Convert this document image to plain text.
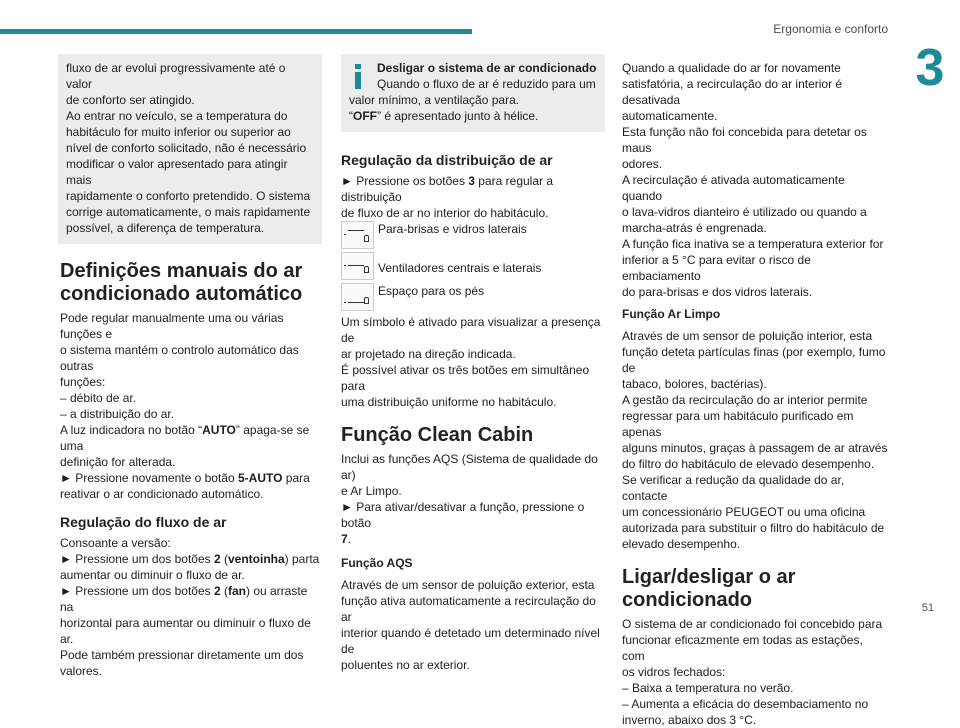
Ergonomia e conforto
3

fluxo de ar evolui progressivamente até o valor

de conforto ser atingido.

Ao entrar no veículo, se a temperatura do

habitáculo for muito inferior ou superior ao

nível de conforto solicitado, não é necessário

modificar o valor apresentado para atingir mais

rapidamente o conforto pretendido. O sistema

corrige automaticamente, o mais rapidamente

possível, a diferença de temperatura.

Definições manuais do ar
condicionado automático

Pode regular manualmente uma ou várias funções e

o sistema mantém o controlo automático das outras

funções:

– débito de ar.

– a distribuição do ar.

A luz indicadora no botão “AUTO” apaga-se se uma

definição for alterada.

► Pressione novamente o botão 5-AUTO para

reativar o ar condicionado automático.

Regulação do fluxo de ar

Consoante a versão:

► Pressione um dos botões 2 (ventoinha) parta

aumentar ou diminuir o fluxo de ar.

► Pressione um dos botões 2 (fan) ou arraste na

horizontal para aumentar ou diminuir o fluxo de ar.

Pode também pressionar diretamente um dos

valores.

Desligar o sistema de ar condicionado

Quando o fluxo de ar é reduzido para um

valor mínimo, a ventilação para.

“OFF” é apresentado junto à hélice.

Regulação da distribuição de ar

► Pressione os botões 3 para regular a distribuição

de fluxo de ar no interior do habitáculo.

Para-brisas e vidros laterais
Ventiladores centrais e laterais
Espaço para os pés

Um símbolo é ativado para visualizar a presença de

ar projetado na direção indicada.

É possível ativar os três botões em simultâneo para

uma distribuição uniforme no habitáculo.

Função Clean Cabin

Inclui as funções AQS (Sistema de qualidade do ar)

e Ar Limpo.

► Para ativar/desativar a função, pressione o botão

7.

Função AQS

Através de um sensor de poluição exterior, esta

função ativa automaticamente a recirculação do ar

interior quando é detetado um determinado nível de

poluentes no ar exterior.

Quando a qualidade do ar for novamente

satisfatória, a recirculação do ar interior é desativada

automaticamente.

Esta função não foi concebida para detetar os maus

odores.

A recirculação é ativada automaticamente quando

o lava-vidros dianteiro é utilizado ou quando a

marcha-atrás é engrenada.

A função fica inativa se a temperatura exterior for

inferior a 5 °C para evitar o risco de embaciamento

do para-brisas e dos vidros laterais.

Função Ar Limpo

Através de um sensor de poluição interior, esta

função deteta partículas finas (por exemplo, fumo de

tabaco, bolores, bactérias).

A gestão da recirculação do ar interior permite

regressar para um habitáculo purificado em apenas

alguns minutos, graças à passagem de ar através

do filtro do habitáculo de elevado desempenho.

Se verificar a redução da qualidade do ar, contacte

um concessionário PEUGEOT ou uma oficina

autorizada para substituir o filtro do habitáculo de

elevado desempenho.

Ligar/desligar o ar
condicionado

O sistema de ar condicionado foi concebido para

funcionar eficazmente em todas as estações, com

os vidros fechados:

– Baixa a temperatura no verão.

– Aumenta a eficácia do desembaciamento no

inverno, abaixo dos 3 °C.

51
